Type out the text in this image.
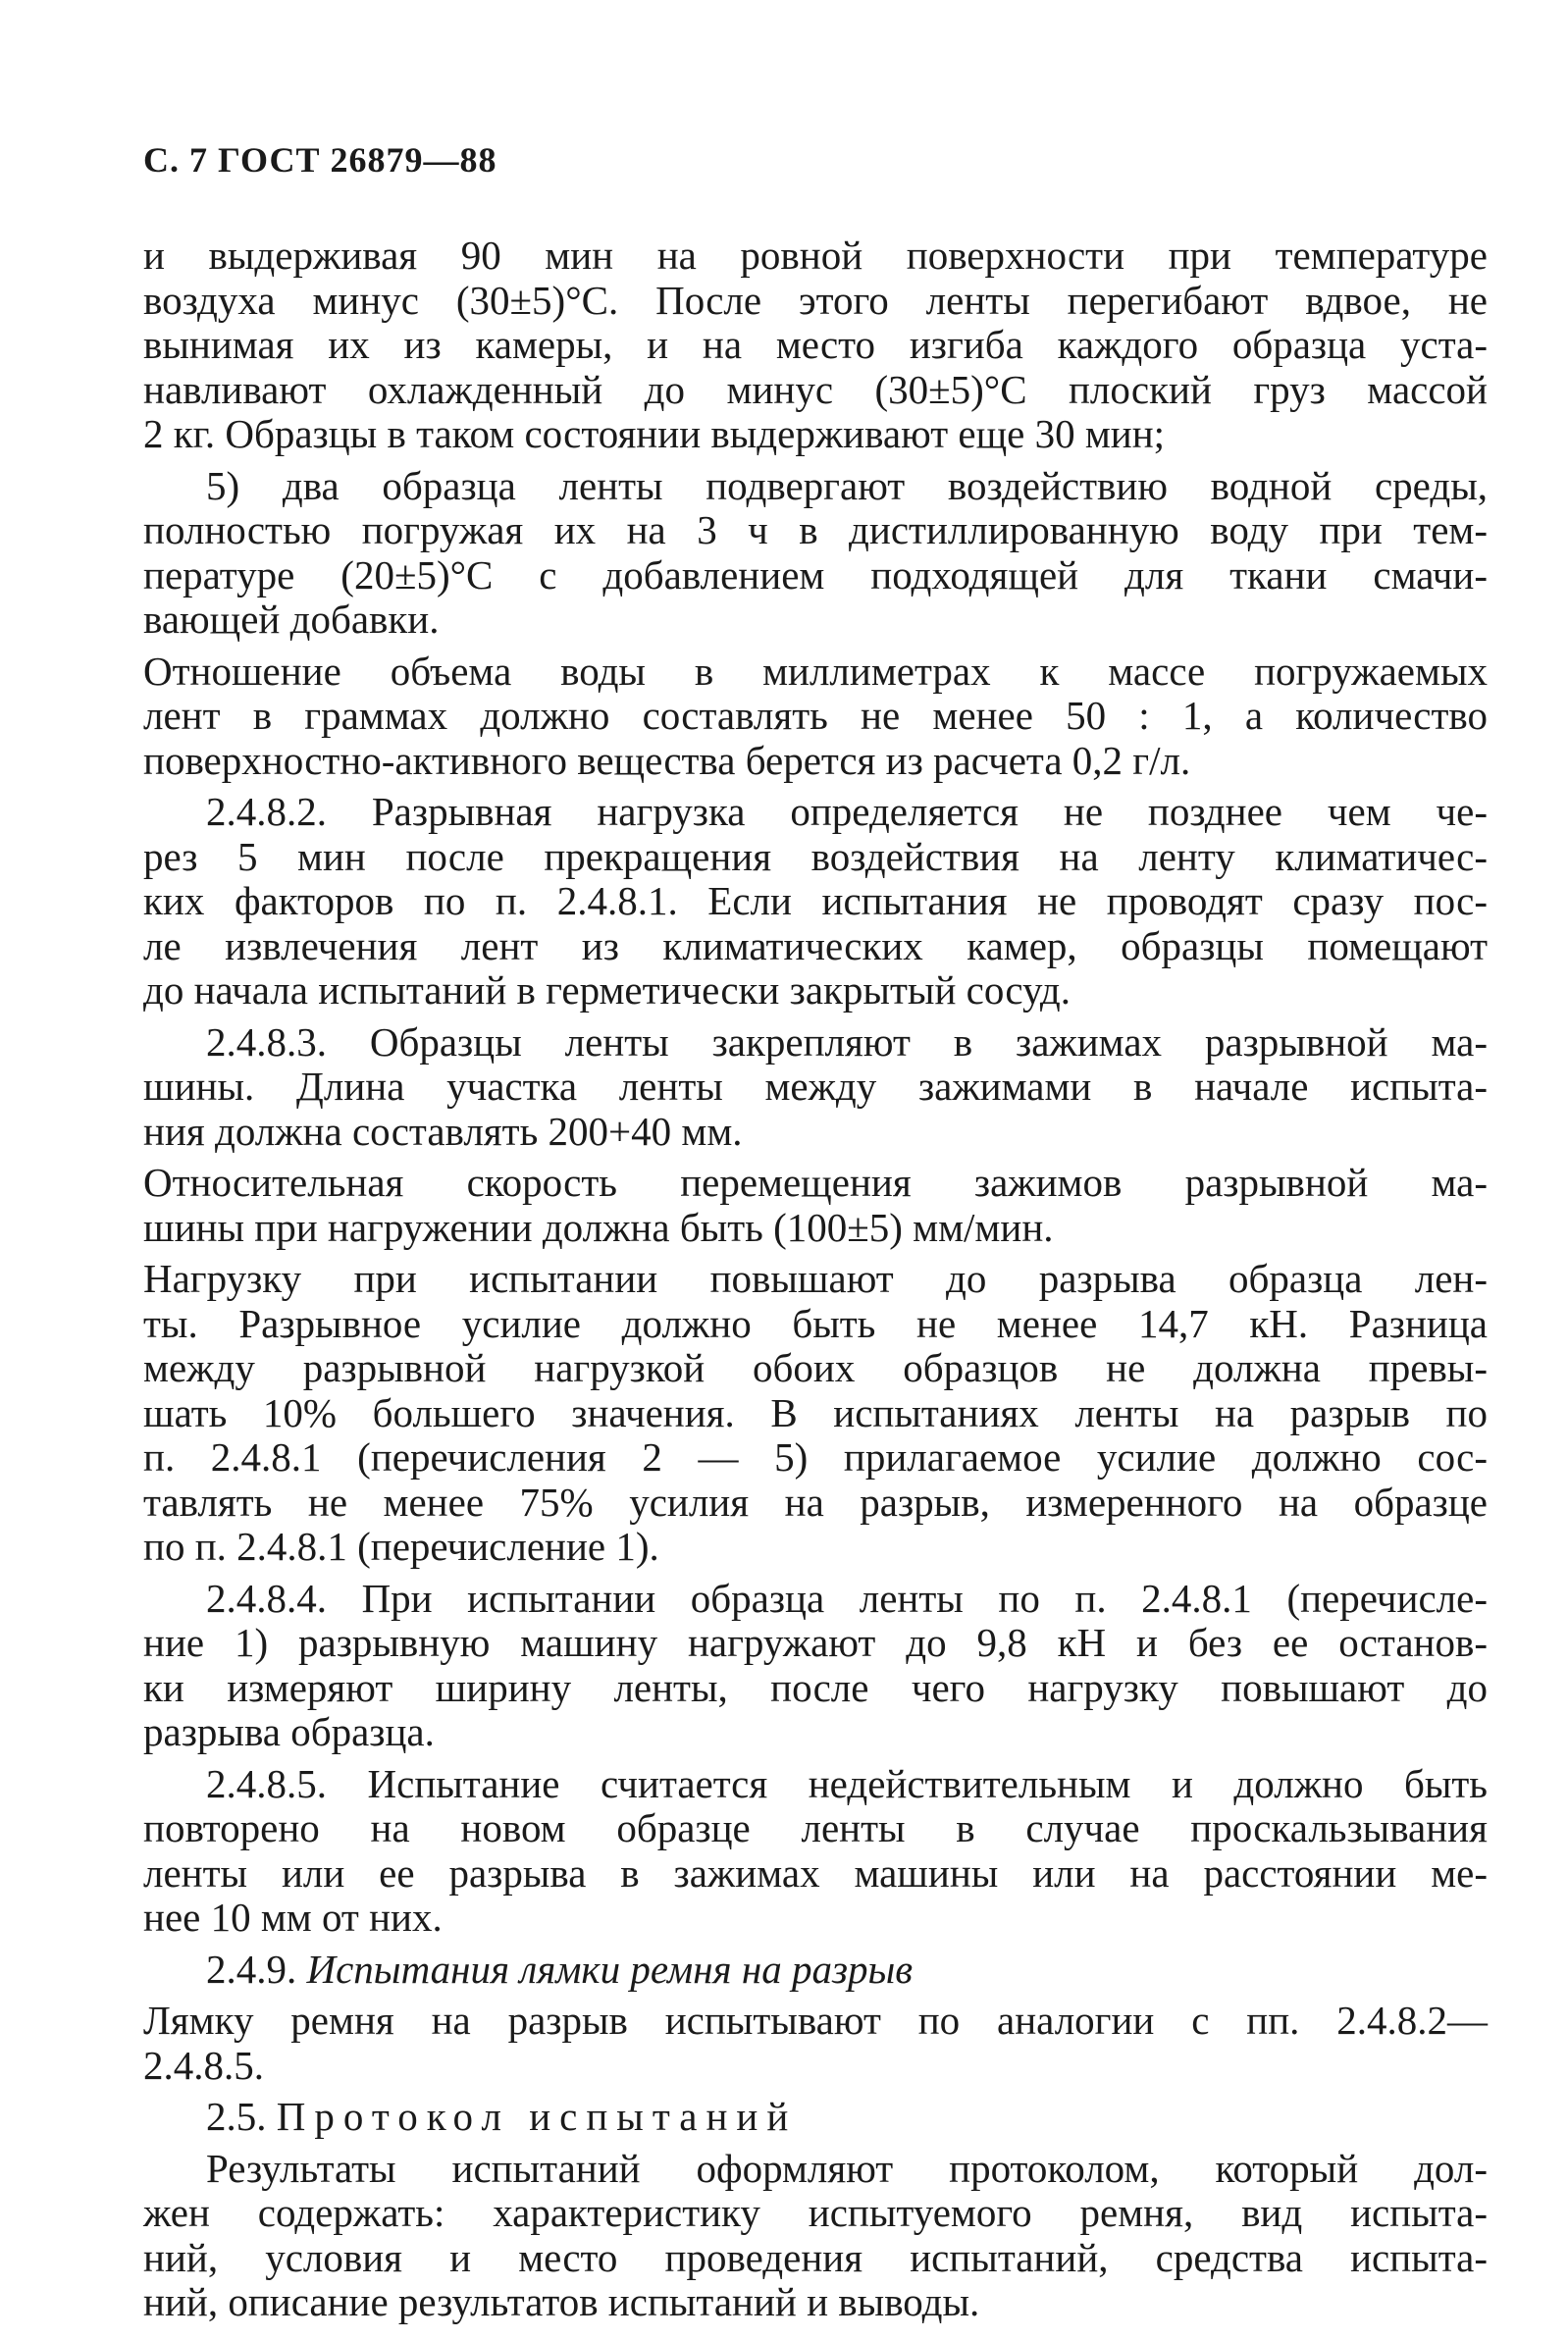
С. 7 ГОСТ 26879—88
и выдерживая 90 мин на ровной поверхности при температуре
воздуха минус (30±5)°С. После этого ленты перегибают вдвое, не
вынимая их из камеры, и на место изгиба каждого образца уста-
навливают охлажденный до минус (30±5)°С плоский груз массой
2 кг. Образцы в таком состоянии выдерживают еще 30 мин;
5) два образца ленты подвергают воздействию водной среды,
полностью погружая их на 3 ч в дистиллированную воду при тем-
пературе (20±5)°С с добавлением подходящей для ткани смачи-
вающей добавки.
Отношение объема воды в миллиметрах к массе погружаемых
лент в граммах должно составлять не менее 50 : 1, а количество
поверхностно-активного вещества берется из расчета 0,2 г/л.
2.4.8.2. Разрывная нагрузка определяется не позднее чем че-
рез 5 мин после прекращения воздействия на ленту климатичес-
ких факторов по п. 2.4.8.1. Если испытания не проводят сразу пос-
ле извлечения лент из климатических камер, образцы помещают
до начала испытаний в герметически закрытый сосуд.
2.4.8.3. Образцы ленты закрепляют в зажимах разрывной ма-
шины. Длина участка ленты между зажимами в начале испыта-
ния должна составлять 200+40 мм.
Относительная скорость перемещения зажимов разрывной ма-
шины при нагружении должна быть (100±5) мм/мин.
Нагрузку при испытании повышают до разрыва образца лен-
ты. Разрывное усилие должно быть не менее 14,7 кН. Разница
между разрывной нагрузкой обоих образцов не должна превы-
шать 10% большего значения. В испытаниях ленты на разрыв по
п. 2.4.8.1 (перечисления 2 — 5) прилагаемое усилие должно сос-
тавлять не менее 75% усилия на разрыв, измеренного на образце
по п. 2.4.8.1 (перечисление 1).
2.4.8.4. При испытании образца ленты по п. 2.4.8.1 (перечисле-
ние 1) разрывную машину нагружают до 9,8 кН и без ее останов-
ки измеряют ширину ленты, после чего нагрузку повышают до
разрыва образца.
2.4.8.5. Испытание считается недействительным и должно быть
повторено на новом образце ленты в случае проскальзывания
ленты или ее разрыва в зажимах машины или на расстоянии ме-
нее 10 мм от них.
2.4.9. Испытания лямки ремня на разрыв
Лямку ремня на разрыв испытывают по аналогии с пп. 2.4.8.2—
2.4.8.5.
2.5. Протокол испытаний
Результаты испытаний оформляют протоколом, который дол-
жен содержать: характеристику испытуемого ремня, вид испыта-
ний, условия и место проведения испытаний, средства испыта-
ний, описание результатов испытаний и выводы.
